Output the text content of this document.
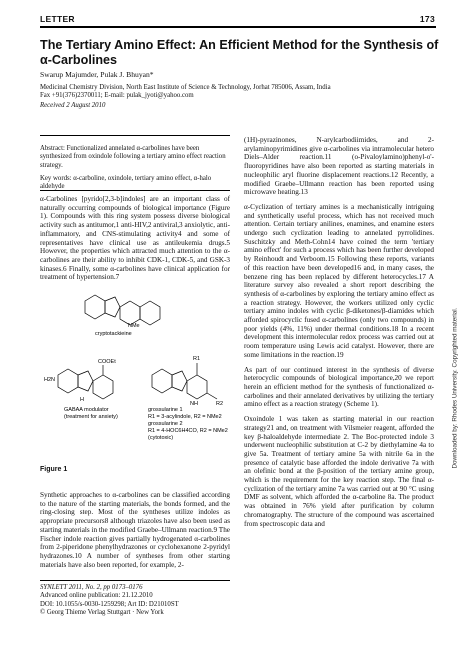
LETTER	173
The Tertiary Amino Effect: An Efficient Method for the Synthesis of α-Carbolines
Swarup Majumder, Pulak J. Bhuyan*
Medicinal Chemistry Division, North East Institute of Science & Technology, Jorhat 785006, Assam, India
Fax +91(376)2370011; E-mail: pulak_jyoti@yahoo.com
Received 2 August 2010
Abstract: Functionalized annelated α-carbolines have been synthesized from oxindole following a tertiary amino effect reaction strategy.
Key words: α-carboline, oxindole, tertiary amino effect, α-halo aldehyde
α-Carbolines [pyrido[2,3-b]indoles] are an important class of naturally occurring compounds of biological importance (Figure 1). Compounds with this ring system possess diverse biological activity such as antitumor,1 anti-HIV,2 antiviral,3 anxiolytic, anti-inflammatory, and CNS-stimulating activity4 and some of representatives have clinical use as antileukemia drugs.5 However, the properties which attracted much attention to the α-carbolines are their ability to inhibit CDK-1, CDK-5, and GSK-3 kinases.6 Finally, some α-carbolines have clinical application for treatment of hypertension.7
NMe
cryptotackieine
COOEt
H2N
H
GABAA modulator
(treatment for anxiety)
R1
R2
NH
grossularine 1
R1 = 3-acylindole, R2 = NMe2
grossularine 2
R1 = 4-HOC6H4CO, R2 = NMe2
(cytotoxic)
Figure 1
Synthetic approaches to α-carbolines can be classified according to the nature of the starting materials, the bonds formed, and the ring-closing step. Most of the syntheses utilize indoles as appropriate precursors8 although triazoles have also been used as starting materials in the modified Graebe–Ullmann reaction.9 The Fischer indole reaction gives partially hydrogenated α-carbolines from 2-piperidone phenylhydrazones or cyclohexanone 2-pyridyl hydrazones.10 A number of syntheses from other starting materials have also been reported, for example, 2-
SYNLETT 2011, No. 2, pp 0173–0176
Advanced online publication: 21.12.2010
DOI: 10.1055/s-0030-1259298; Art ID: D21010ST
© Georg Thieme Verlag Stuttgart · New York

(1H)-pyrazinones, N-arylcarbodiimides, and 2-arylaminopyrimidines give α-carbolines via intramolecular hetero Diels–Alder reaction.11 (o-Pivaloylamino)phenyl-o'-fluoropyridines have also been reported as starting materials in nucleophilic aryl fluorine displacement reactions.12 Recently, a modified Graebe–Ullmann reaction has been reported using microwave heating.13

α-Cyclization of tertiary amines is a mechanistically intriguing and synthetically useful process, which has not received much attention. Certain tertiary anilines, enamines, and enamine esters undergo such cyclization leading to annelated pyrrolidines. Suschitzky and Meth-Cohn14 have coined the term 'tertiary amino effect' for such a process which has been further developed by Reinhoudt and Verboom.15 Following these reports, variants of this reaction have been developed16 and, in many cases, the benzene ring has been replaced by different heterocycles.17 A literature survey also revealed a short report describing the synthesis of α-carbolines by exploring the tertiary amino effect as a reaction strategy. However, the workers utilized only cyclic tertiary amino indoles with cyclic β-diketones/β-diamides which afforded spirocyclic fused α-carbolines (only two compounds) in poor yields (4%, 11%) under thermal conditions.18 In a recent development this intermolecular redox process was carried out at room temperature using Lewis acid catalyst. However, there are some limitations in the reaction.19

As part of our continued interest in the synthesis of diverse heterocyclic compounds of biological importance,20 we report herein an efficient method for the synthesis of functionalized α-carbolines and their annelated derivatives by utilizing the tertiary amino effect as a reaction strategy (Scheme 1).

Oxoindole 1 was taken as starting material in our reaction strategy21 and, on treatment with Vilsmeier reagent, afforded the key β-haloaldehyde intermediate 2. The Boc-protected indole 3 underwent nucleophilic substitution at C-2 by diethylamine 4a to give 5a. Treatment of tertiary amine 5a with nitrile 6a in the presence of catalytic base afforded the indole derivative 7a with an olefinic bond at the β-position of the tertiary amine group, which is the requirement for the key reaction step. The final α-cyclization of the tertiary amine 7a was carried out at 90 °C using DMF as solvent, which afforded the α-carboline 8a. The product was obtained in 76% yield after purification by column chromatography. The structure of the compound was ascertained from spectroscopic data and

Downloaded by: Rhodes University. Copyrighted material.
